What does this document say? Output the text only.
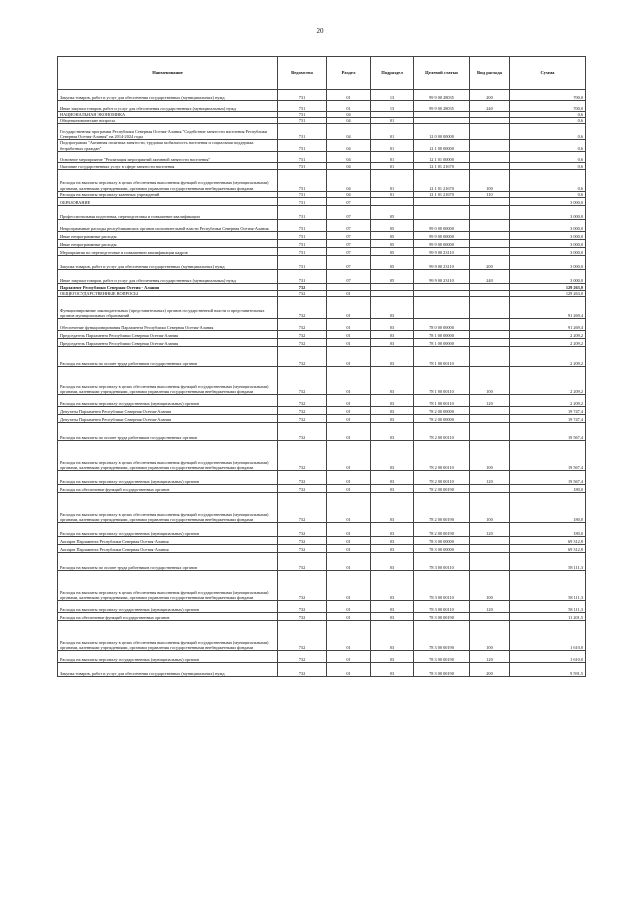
20
Наименование	Ведомство	Раздел	Подраздел	Целевой статьи	Вид расхода	Сумма
Закупка товаров, работ и услуг для обеспечения государственных (муниципальных) нужд	731	01	13	99 9 00 28035	200	700,0
Иные закупки товаров, работ и услуг для обеспечения государственных (муниципальных) нужд	731	01	13	99 9 00 28035	240	700,0
НАЦИОНАЛЬНАЯ ЭКОНОМИКА	731	04				0,6
Общеэкономические вопросы	731	04	01			0,6
Государственная программа Республики Северная Осетия-Алания "Содействие занятости населения Республики Северная Осетия-Алания" на 2014-2024 годы	731	04	01	12 0 00 00000		0,6
Подпрограмма "Активная политика занятости, трудовая мобильность населения и социальная поддержка безработных граждан"	731	04	01	12 1 00 00000		0,6
Основное мероприятие "Реализация мероприятий активной занятости населения"	731	04	01	12 1 01 00000		0,6
Оказание государственных услуг в сфере занятости населения	731	04	01	12 1 01 21670		0,6
Расходы на выплаты персоналу в целях обеспечения выполнения функций государственными (муниципальными) органами, казенными учреждениями, органами управления государственными внебюджетными фондами	731	04	01	12 1 01 21670	100	0,6
Расходы на выплаты персоналу казенных учреждений	731	04	01	12 1 01 21670	110	0,6
ОБРАЗОВАНИЕ	731	07				3 000,0
Профессиональная подготовка, переподготовка и повышение квалификации	731	07	05			3 000,0
Непрограммные расходы республиканских органов исполнительной власти Республики Северная Осетия-Алания	731	07	05	99 0 00 00000		3 000,0
Иные непрограммные расходы	731	07	05	99 9 00 00000		3 000,0
Иные непрограммные расходы	731	07	05	99 9 00 00000		3 000,0
Мероприятия по переподготовке и повышению квалификации кадров	731	07	05	99 9 00 23110		3 000,0
Закупка товаров, работ и услуг для обеспечения государственных (муниципальных) нужд	731	07	05	99 9 00 23110	200	3 000,0
Иные закупки товаров, работ и услуг для обеспечения государственных (муниципальных) нужд	731	07	05	99 9 00 23110	240	3 000,0
Парламент Республики Северная Осетия - Алания	732					129 263,0
ОБЩЕГОСУДАРСТВЕННЫЕ ВОПРОСЫ	732	01				129 263,0
Функционирование законодательных (представительных) органов государственной власти и представительных органов муниципальных образований	732	01	03			91 269,4
Обеспечение функционирования Парламента Республики Северная Осетия-Алания	732	01	03	78 0 00 00000		91 269,4
Председатель Парламента Республики Северная Осетия-Алания	732	01	03	78 1 00 00000		2 209,2
Председатель Парламента Республики Северная Осетия-Алания	732	01	03	78 1 00 00000		2 209,2
Расходы на выплаты по оплате труда работников государственных органов	732	01	03	78 1 00 00110		2 209,2
Расходы на выплаты персоналу в целях обеспечения выполнения функций государственными (муниципальными) органами, казенными учреждениями, органами управления государственными внебюджетными фондами	732	01	03	78 1 00 00110	100	2 209,2
Расходы на выплаты персоналу государственных (муниципальных) органов	732	01	03	78 1 00 00110	120	2 209,2
Депутаты Парламента Республики Северная Осетия-Алания	732	01	03	78 2 00 00000		19 747,4
Депутаты Парламента Республики Северная Осетия-Алания	732	01	03	78 2 00 00000		19 747,4
Расходы на выплаты по оплате труда работников государственных органов	732	01	03	78 2 00 00110		19 567,4
Расходы на выплаты персоналу в целях обеспечения выполнения функций государственными (муниципальными) органами, казенными учреждениями, органами управления государственными внебюджетными фондами	732	01	03	78 2 00 00110	100	19 567,4
Расходы на выплаты персоналу государственных (муниципальных) органов	732	01	03	78 2 00 00110	120	19 567,4
Расходы на обеспечение функций государственных органов	732	01	03	78 2 00 00190		180,0
Расходы на выплаты персоналу в целях обеспечения выполнения функций государственными (муниципальными) органами, казенными учреждениями, органами управления государственными внебюджетными фондами	732	01	03	78 2 00 00190	100	180,0
Расходы на выплаты персоналу государственных (муниципальных) органов	732	01	03	78 2 00 00190	120	180,0
Аппарат Парламента Республики Северная Осетия-Алания	732	01	03	78 3 00 00000		69 312,8
Аппарат Парламента Республики Северная Осетия-Алания	732	01	03	78 3 00 00000		69 312,8
Расходы на выплаты по оплате труда работников государственных органов	732	01	03	78 3 00 00110		58 111,3
Расходы на выплаты персоналу в целях обеспечения выполнения функций государственными (муниципальными) органами, казенными учреждениями, органами управления государственными внебюджетными фондами	732	01	03	78 3 00 00110	100	58 111,3
Расходы на выплаты персоналу государственных (муниципальных) органов	732	01	03	78 3 00 00110	120	58 111,3
Расходы на обеспечение функций государственных органов	732	01	03	78 3 00 00190		11 201,5
Расходы на выплаты персоналу в целях обеспечения выполнения функций государственными (муниципальными) органами, казенными учреждениями, органами управления государственными внебюджетными фондами	732	01	03	78 3 00 00190	100	1 610,0
Расходы на выплаты персоналу государственных (муниципальных) органов	732	01	03	78 3 00 00190	120	1 610,0
Закупка товаров, работ и услуг для обеспечения государственных (муниципальных) нужд	732	01	03	78 3 00 00190	200	9 591,5
